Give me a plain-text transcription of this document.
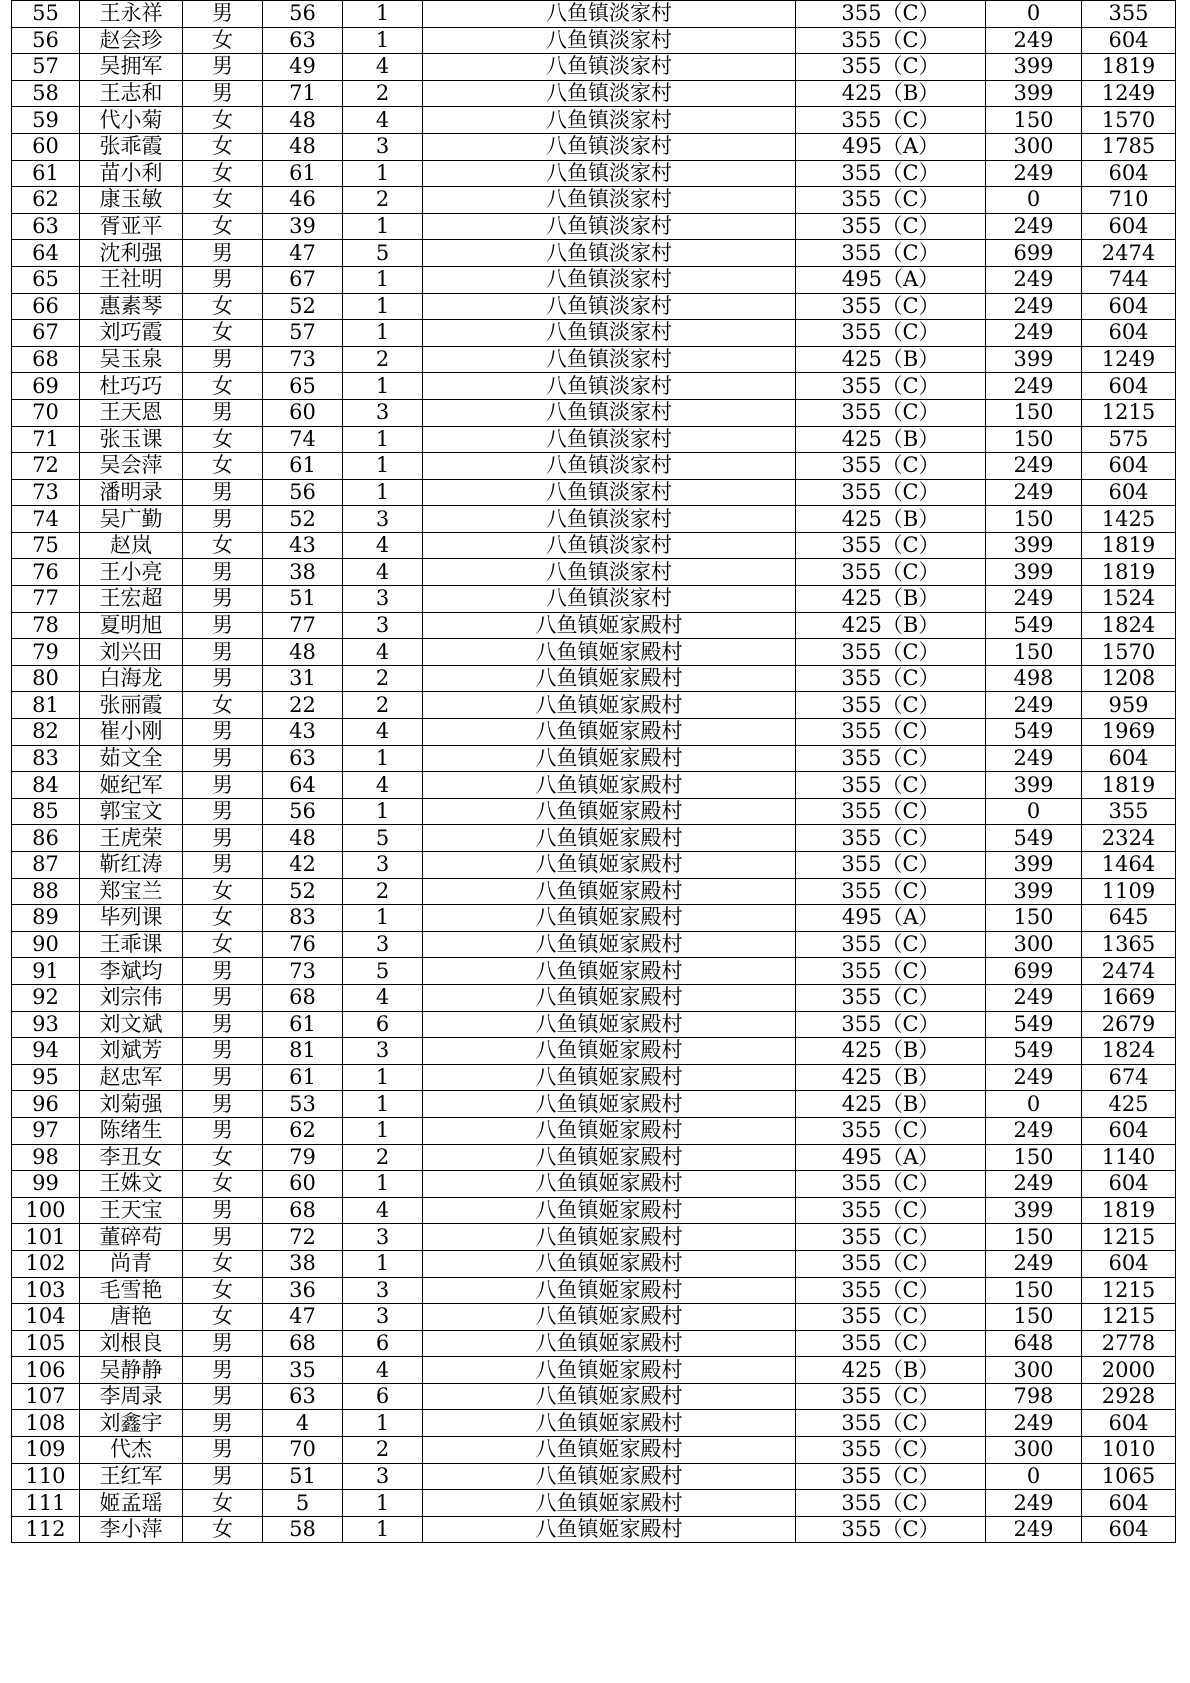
55	王永祥	男	56	1	八鱼镇淡家村	355（C）	0	355
56	赵会珍	女	63	1	八鱼镇淡家村	355（C）	249	604
57	吴拥军	男	49	4	八鱼镇淡家村	355（C）	399	1819
58	王志和	男	71	2	八鱼镇淡家村	425（B）	399	1249
59	代小菊	女	48	4	八鱼镇淡家村	355（C）	150	1570
60	张乖霞	女	48	3	八鱼镇淡家村	495（A）	300	1785
61	苗小利	女	61	1	八鱼镇淡家村	355（C）	249	604
62	康玉敏	女	46	2	八鱼镇淡家村	355（C）	0	710
63	胥亚平	女	39	1	八鱼镇淡家村	355（C）	249	604
64	沈利强	男	47	5	八鱼镇淡家村	355（C）	699	2474
65	王社明	男	67	1	八鱼镇淡家村	495（A）	249	744
66	惠素琴	女	52	1	八鱼镇淡家村	355（C）	249	604
67	刘巧霞	女	57	1	八鱼镇淡家村	355（C）	249	604
68	吴玉泉	男	73	2	八鱼镇淡家村	425（B）	399	1249
69	杜巧巧	女	65	1	八鱼镇淡家村	355（C）	249	604
70	王天恩	男	60	3	八鱼镇淡家村	355（C）	150	1215
71	张玉课	女	74	1	八鱼镇淡家村	425（B）	150	575
72	吴会萍	女	61	1	八鱼镇淡家村	355（C）	249	604
73	潘明录	男	56	1	八鱼镇淡家村	355（C）	249	604
74	吴广勤	男	52	3	八鱼镇淡家村	425（B）	150	1425
75	赵岚	女	43	4	八鱼镇淡家村	355（C）	399	1819
76	王小亮	男	38	4	八鱼镇淡家村	355（C）	399	1819
77	王宏超	男	51	3	八鱼镇淡家村	425（B）	249	1524
78	夏明旭	男	77	3	八鱼镇姬家殿村	425（B）	549	1824
79	刘兴田	男	48	4	八鱼镇姬家殿村	355（C）	150	1570
80	白海龙	男	31	2	八鱼镇姬家殿村	355（C）	498	1208
81	张丽霞	女	22	2	八鱼镇姬家殿村	355（C）	249	959
82	崔小刚	男	43	4	八鱼镇姬家殿村	355（C）	549	1969
83	茹文全	男	63	1	八鱼镇姬家殿村	355（C）	249	604
84	姬纪军	男	64	4	八鱼镇姬家殿村	355（C）	399	1819
85	郭宝文	男	56	1	八鱼镇姬家殿村	355（C）	0	355
86	王虎荣	男	48	5	八鱼镇姬家殿村	355（C）	549	2324
87	靳红涛	男	42	3	八鱼镇姬家殿村	355（C）	399	1464
88	郑宝兰	女	52	2	八鱼镇姬家殿村	355（C）	399	1109
89	毕列课	女	83	1	八鱼镇姬家殿村	495（A）	150	645
90	王乖课	女	76	3	八鱼镇姬家殿村	355（C）	300	1365
91	李斌均	男	73	5	八鱼镇姬家殿村	355（C）	699	2474
92	刘宗伟	男	68	4	八鱼镇姬家殿村	355（C）	249	1669
93	刘文斌	男	61	6	八鱼镇姬家殿村	355（C）	549	2679
94	刘斌芳	男	81	3	八鱼镇姬家殿村	425（B）	549	1824
95	赵忠军	男	61	1	八鱼镇姬家殿村	425（B）	249	674
96	刘菊强	男	53	1	八鱼镇姬家殿村	425（B）	0	425
97	陈绪生	男	62	1	八鱼镇姬家殿村	355（C）	249	604
98	李丑女	女	79	2	八鱼镇姬家殿村	495（A）	150	1140
99	王姝文	女	60	1	八鱼镇姬家殿村	355（C）	249	604
100	王天宝	男	68	4	八鱼镇姬家殿村	355（C）	399	1819
101	董碎苟	男	72	3	八鱼镇姬家殿村	355（C）	150	1215
102	尚青	女	38	1	八鱼镇姬家殿村	355（C）	249	604
103	毛雪艳	女	36	3	八鱼镇姬家殿村	355（C）	150	1215
104	唐艳	女	47	3	八鱼镇姬家殿村	355（C）	150	1215
105	刘根良	男	68	6	八鱼镇姬家殿村	355（C）	648	2778
106	吴静静	男	35	4	八鱼镇姬家殿村	425（B）	300	2000
107	李周录	男	63	6	八鱼镇姬家殿村	355（C）	798	2928
108	刘鑫宇	男	4	1	八鱼镇姬家殿村	355（C）	249	604
109	代杰	男	70	2	八鱼镇姬家殿村	355（C）	300	1010
110	王红军	男	51	3	八鱼镇姬家殿村	355（C）	0	1065
111	姬孟瑶	女	5	1	八鱼镇姬家殿村	355（C）	249	604
112	李小萍	女	58	1	八鱼镇姬家殿村	355（C）	249	604
